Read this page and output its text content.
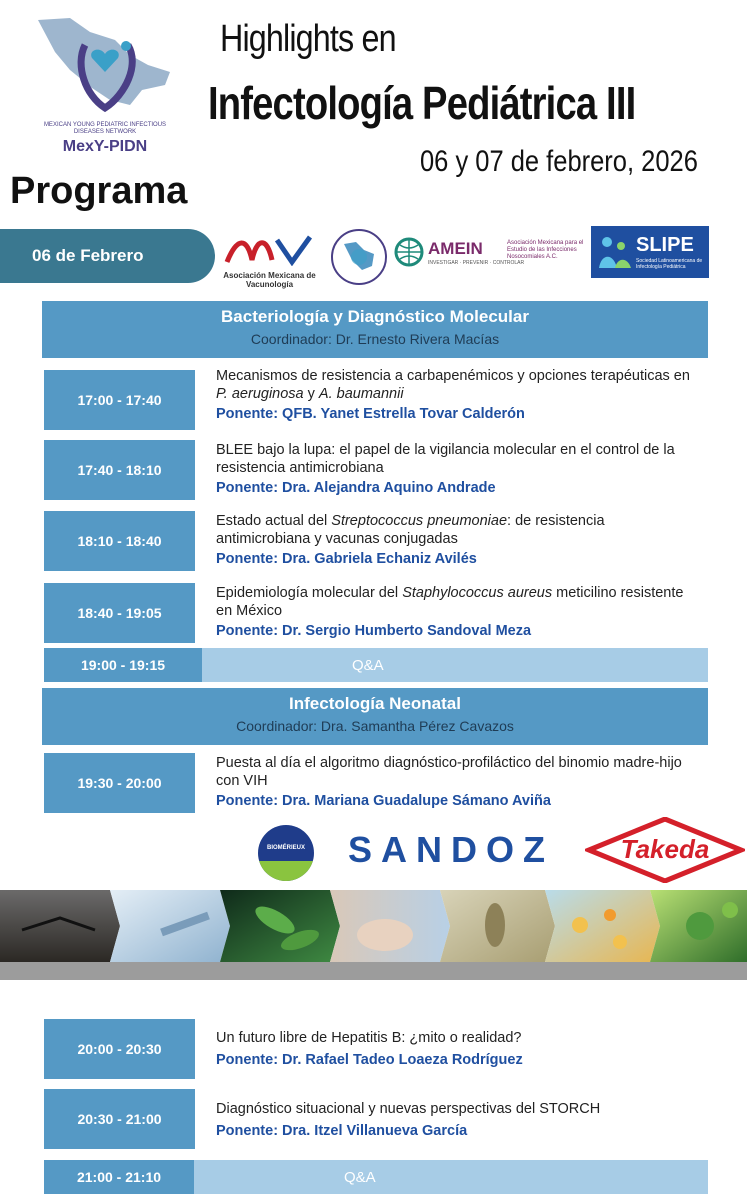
MEXICAN YOUNG PEDIATRIC INFECTIOUS DISEASES NETWORK
MexY-PIDN
Highlights en
Infectología Pediátrica III
06 y 07 de febrero, 2026
Programa
06 de Febrero
Asociación Mexicana de Vacunología
AMEIN
INVESTIGAR · PREVENIR · CONTROLAR
Asociación Mexicana para el Estudio de las Infecciones Nosocomiales A.C.
SLIPE
Sociedad Latinoamericana de Infectología Pediátrica
Bacteriología y Diagnóstico Molecular
Coordinador: Dr. Ernesto Rivera Macías
17:00 - 17:40
Mecanismos de resistencia a carbapenémicos y opciones terapéuticas en P. aeruginosa y A. baumannii
Ponente: QFB. Yanet Estrella Tovar Calderón
17:40 - 18:10
BLEE bajo la lupa: el papel de la vigilancia molecular en el control de la resistencia antimicrobiana
Ponente: Dra. Alejandra Aquino Andrade
18:10 - 18:40
Estado actual del Streptococcus pneumoniae: de resistencia antimicrobiana y vacunas conjugadas
Ponente: Dra. Gabriela Echaniz Avilés
18:40 - 19:05
Epidemiología molecular del Staphylococcus aureus meticilino resistente en México
Ponente: Dr. Sergio Humberto Sandoval Meza
19:00 - 19:15	Q&A
Infectología Neonatal
Coordinador: Dra. Samantha Pérez Cavazos
19:30 - 20:00
Puesta al día el algoritmo diagnóstico-profiláctico del binomio madre-hijo con VIH
Ponente: Dra. Mariana Guadalupe Sámano Aviña
BIOMÉRIEUX SANDOZ	Takeda
20:00 - 20:30
Un futuro libre de Hepatitis B: ¿mito o realidad?
Ponente: Dr. Rafael Tadeo Loaeza Rodríguez
20:30 - 21:00
Diagnóstico situacional y nuevas perspectivas del STORCH
Ponente: Dra. Itzel Villanueva García
21:00 - 21:10	Q&A
